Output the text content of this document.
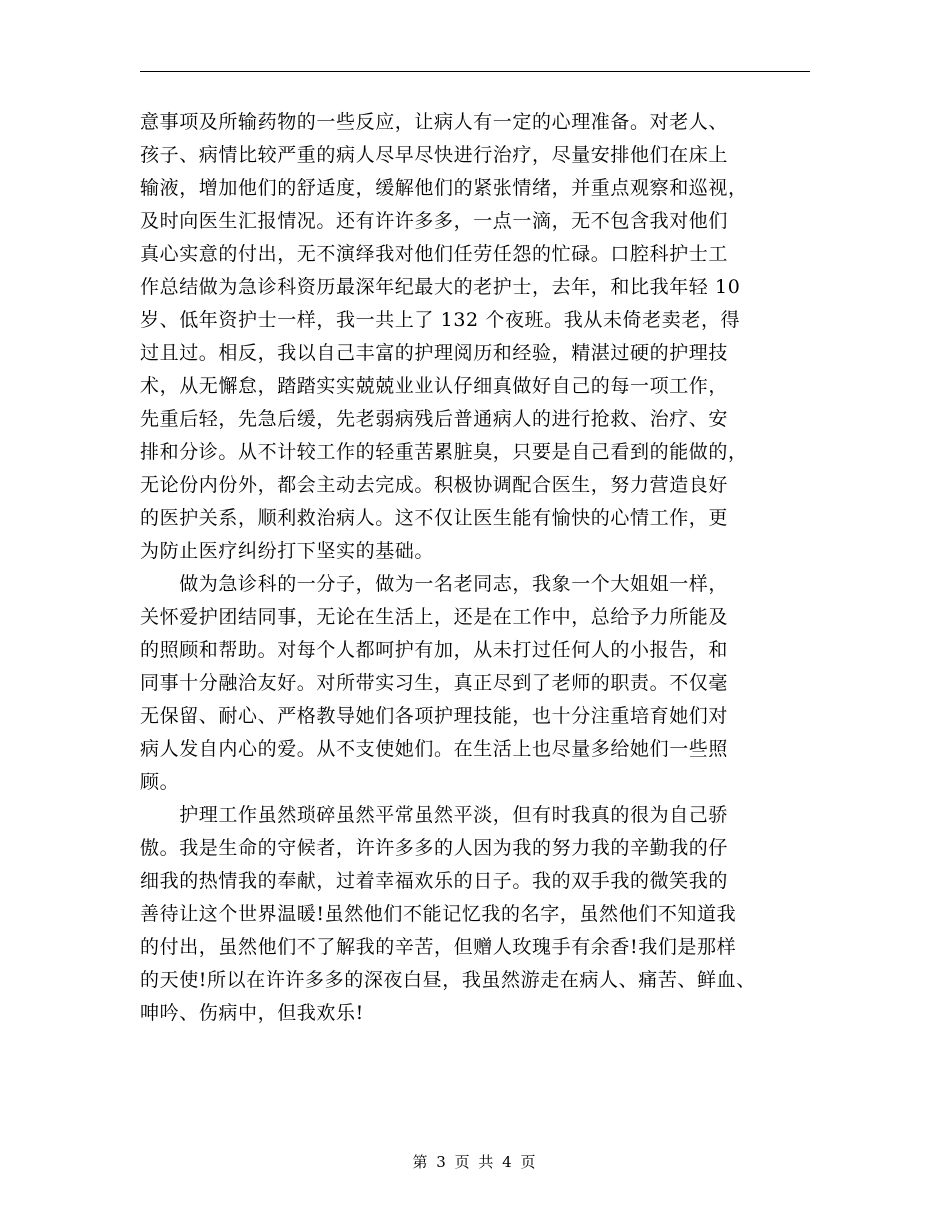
意事项及所输药物的一些反应，让病人有一定的心理准备。对老人、
孩子、病情比较严重的病人尽早尽快进行治疗，尽量安排他们在床上
输液，增加他们的舒适度，缓解他们的紧张情绪，并重点观察和巡视，
及时向医生汇报情况。还有许许多多，一点一滴，无不包含我对他们
真心实意的付出，无不演绎我对他们任劳任怨的忙碌。口腔科护士工
作总结做为急诊科资历最深年纪最大的老护士，去年，和比我年轻 10
岁、低年资护士一样，我一共上了 132 个夜班。我从未倚老卖老，得
过且过。相反，我以自己丰富的护理阅历和经验，精湛过硬的护理技
术，从无懈怠，踏踏实实兢兢业业认仔细真做好自己的每一项工作，
先重后轻，先急后缓，先老弱病残后普通病人的进行抢救、治疗、安
排和分诊。从不计较工作的轻重苦累脏臭，只要是自己看到的能做的，
无论份内份外，都会主动去完成。积极协调配合医生，努力营造良好
的医护关系，顺利救治病人。这不仅让医生能有愉快的心情工作，更
为防止医疗纠纷打下坚实的基础。
　　做为急诊科的一分子，做为一名老同志，我象一个大姐姐一样，
关怀爱护团结同事，无论在生活上，还是在工作中，总给予力所能及
的照顾和帮助。对每个人都呵护有加，从未打过任何人的小报告，和
同事十分融洽友好。对所带实习生，真正尽到了老师的职责。不仅毫
无保留、耐心、严格教导她们各项护理技能，也十分注重培育她们对
病人发自内心的爱。从不支使她们。在生活上也尽量多给她们一些照
顾。
　　护理工作虽然琐碎虽然平常虽然平淡，但有时我真的很为自己骄
傲。我是生命的守候者，许许多多的人因为我的努力我的辛勤我的仔
细我的热情我的奉献，过着幸福欢乐的日子。我的双手我的微笑我的
善待让这个世界温暖!虽然他们不能记忆我的名字，虽然他们不知道我
的付出，虽然他们不了解我的辛苦，但赠人玫瑰手有余香!我们是那样
的天使!所以在许许多多的深夜白昼，我虽然游走在病人、痛苦、鲜血、
呻吟、伤病中，但我欢乐!
第 3 页 共 4 页
